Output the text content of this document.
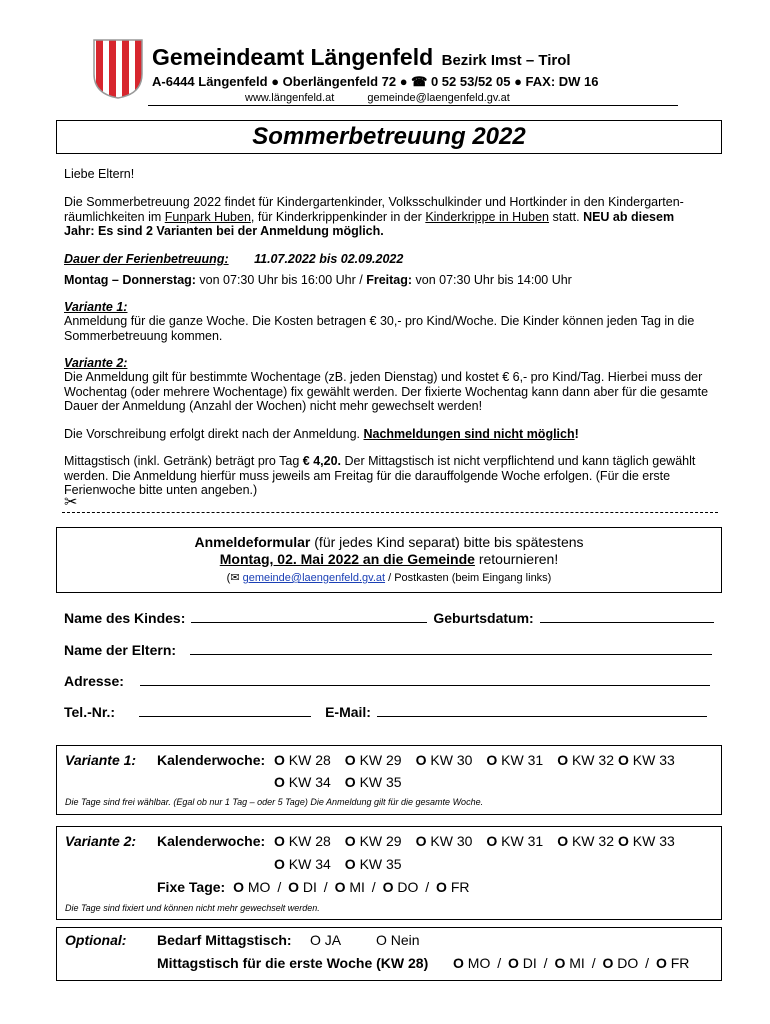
Gemeindeamt Längenfeld Bezirk Imst – Tirol
A-6444 Längenfeld ● Oberlängenfeld 72 ● ☎ 0 52 53/52 05 ● FAX: DW 16
www.längenfeld.at	gemeinde@laengenfeld.gv.at
Sommerbetreuung 2022
Liebe Eltern!
Die Sommerbetreuung 2022 findet für Kindergartenkinder, Volksschulkinder und Hortkinder in den Kindergarten-räumlichkeiten im Funpark Huben, für Kinderkrippenkinder in der Kinderkrippe in Huben statt. NEU ab diesem Jahr: Es sind 2 Varianten bei der Anmeldung möglich.
Dauer der Ferienbetreuung: 11.07.2022 bis 02.09.2022
Montag – Donnerstag: von 07:30 Uhr bis 16:00 Uhr / Freitag: von 07:30 Uhr bis 14:00 Uhr
Variante 1:
Anmeldung für die ganze Woche. Die Kosten betragen € 30,- pro Kind/Woche. Die Kinder können jeden Tag in die Sommerbetreuung kommen.
Variante 2:
Die Anmeldung gilt für bestimmte Wochentage (zB. jeden Dienstag) und kostet € 6,- pro Kind/Tag. Hierbei muss der Wochentag (oder mehrere Wochentage) fix gewählt werden. Der fixierte Wochentag kann dann aber für die gesamte Dauer der Anmeldung (Anzahl der Wochen) nicht mehr gewechselt werden!
Die Vorschreibung erfolgt direkt nach der Anmeldung. Nachmeldungen sind nicht möglich!
Mittagstisch (inkl. Getränk) beträgt pro Tag € 4,20. Der Mittagstisch ist nicht verpflichtend und kann täglich gewählt werden. Die Anmeldung hierfür muss jeweils am Freitag für die darauffolgende Woche erfolgen. (Für die erste Ferienwoche bitte unten angeben.)
✂
Anmeldeformular (für jedes Kind separat) bitte bis spätestens
Montag, 02. Mai 2022 an die Gemeinde retournieren!
(✉ gemeinde@laengenfeld.gv.at / Postkasten (beim Eingang links)
Name des Kindes:	Geburtsdatum:
Name der Eltern:
Adresse:
Tel.-Nr.:	E-Mail:
Variante 1: Kalenderwoche: O KW 28 O KW 29 O KW 30 O KW 31 O KW 32 O KW 33
O KW 34 O KW 35
Die Tage sind frei wählbar. (Egal ob nur 1 Tag – oder 5 Tage) Die Anmeldung gilt für die gesamte Woche.
Variante 2: Kalenderwoche: O KW 28 O KW 29 O KW 30 O KW 31 O KW 32 O KW 33
O KW 34 O KW 35
Fixe Tage: O MO / O DI / O MI / O DO / O FR
Die Tage sind fixiert und können nicht mehr gewechselt werden.
Optional: Bedarf Mittagstisch: O JA O Nein
Mittagstisch für die erste Woche (KW 28) O MO / O DI / O MI / O DO / O FR
